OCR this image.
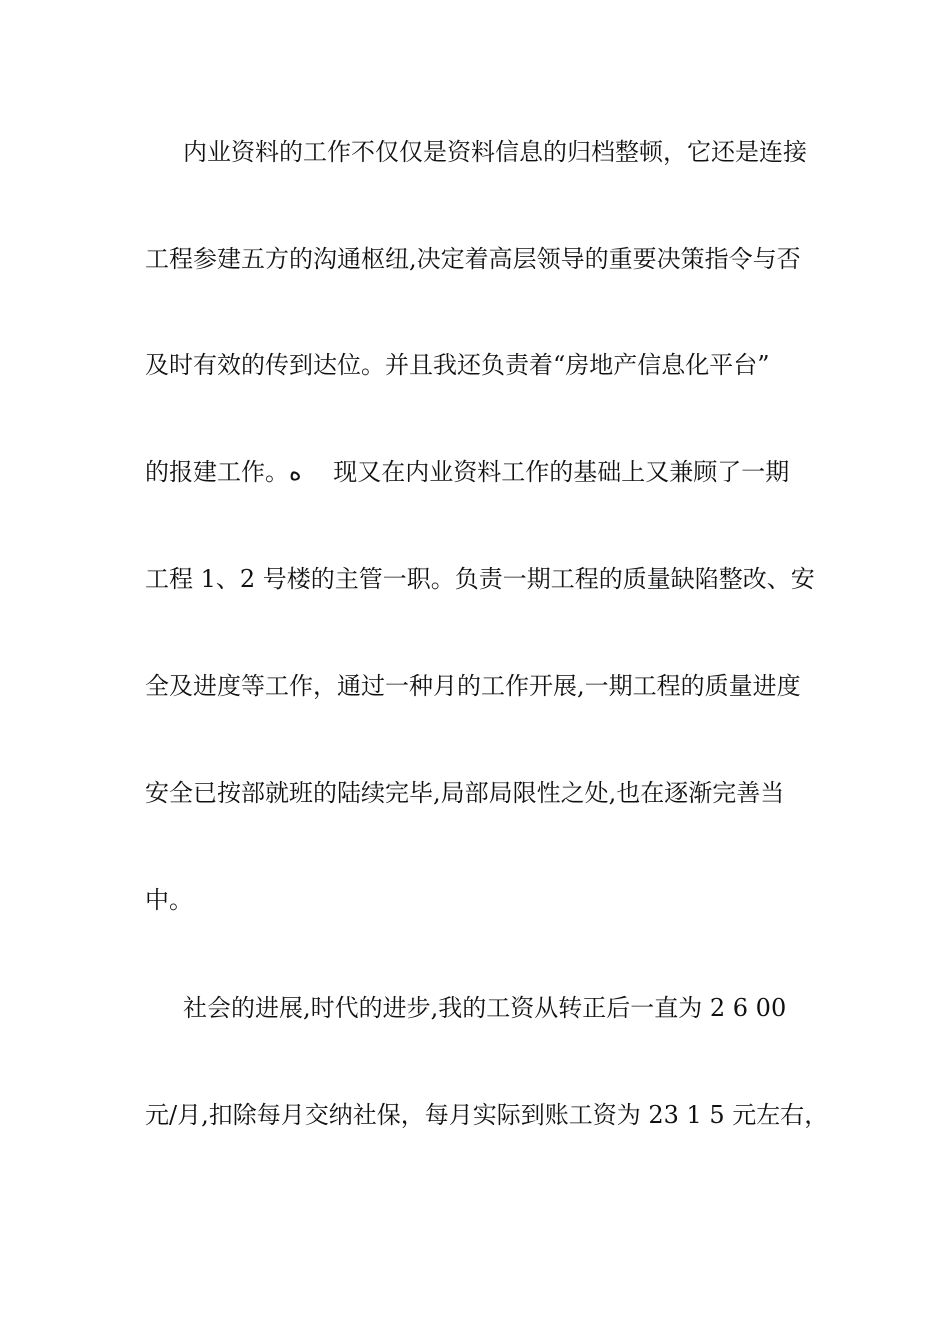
内业资料的工作不仅仅是资料信息的归档整顿，它还是连接
工程参建五方的沟通枢纽,决定着高层领导的重要决策指令与否
及时有效的传到达位。并且我还负责着“房地产信息化平台”
的报建工作。ه　 现又在内业资料工作的基础上又兼顾了一期
工程 1、2 号楼的主管一职。负责一期工程的质量缺陷整改、安
全及进度等工作，通过一种月的工作开展,一期工程的质量进度
安全已按部就班的陆续完毕,局部局限性之处,也在逐渐完善当
中。
社会的进展,时代的进步,我的工资从转正后一直为 2 6 00
元/月,扣除每月交纳社保，每月实际到账工资为 23 1 5 元左右，
